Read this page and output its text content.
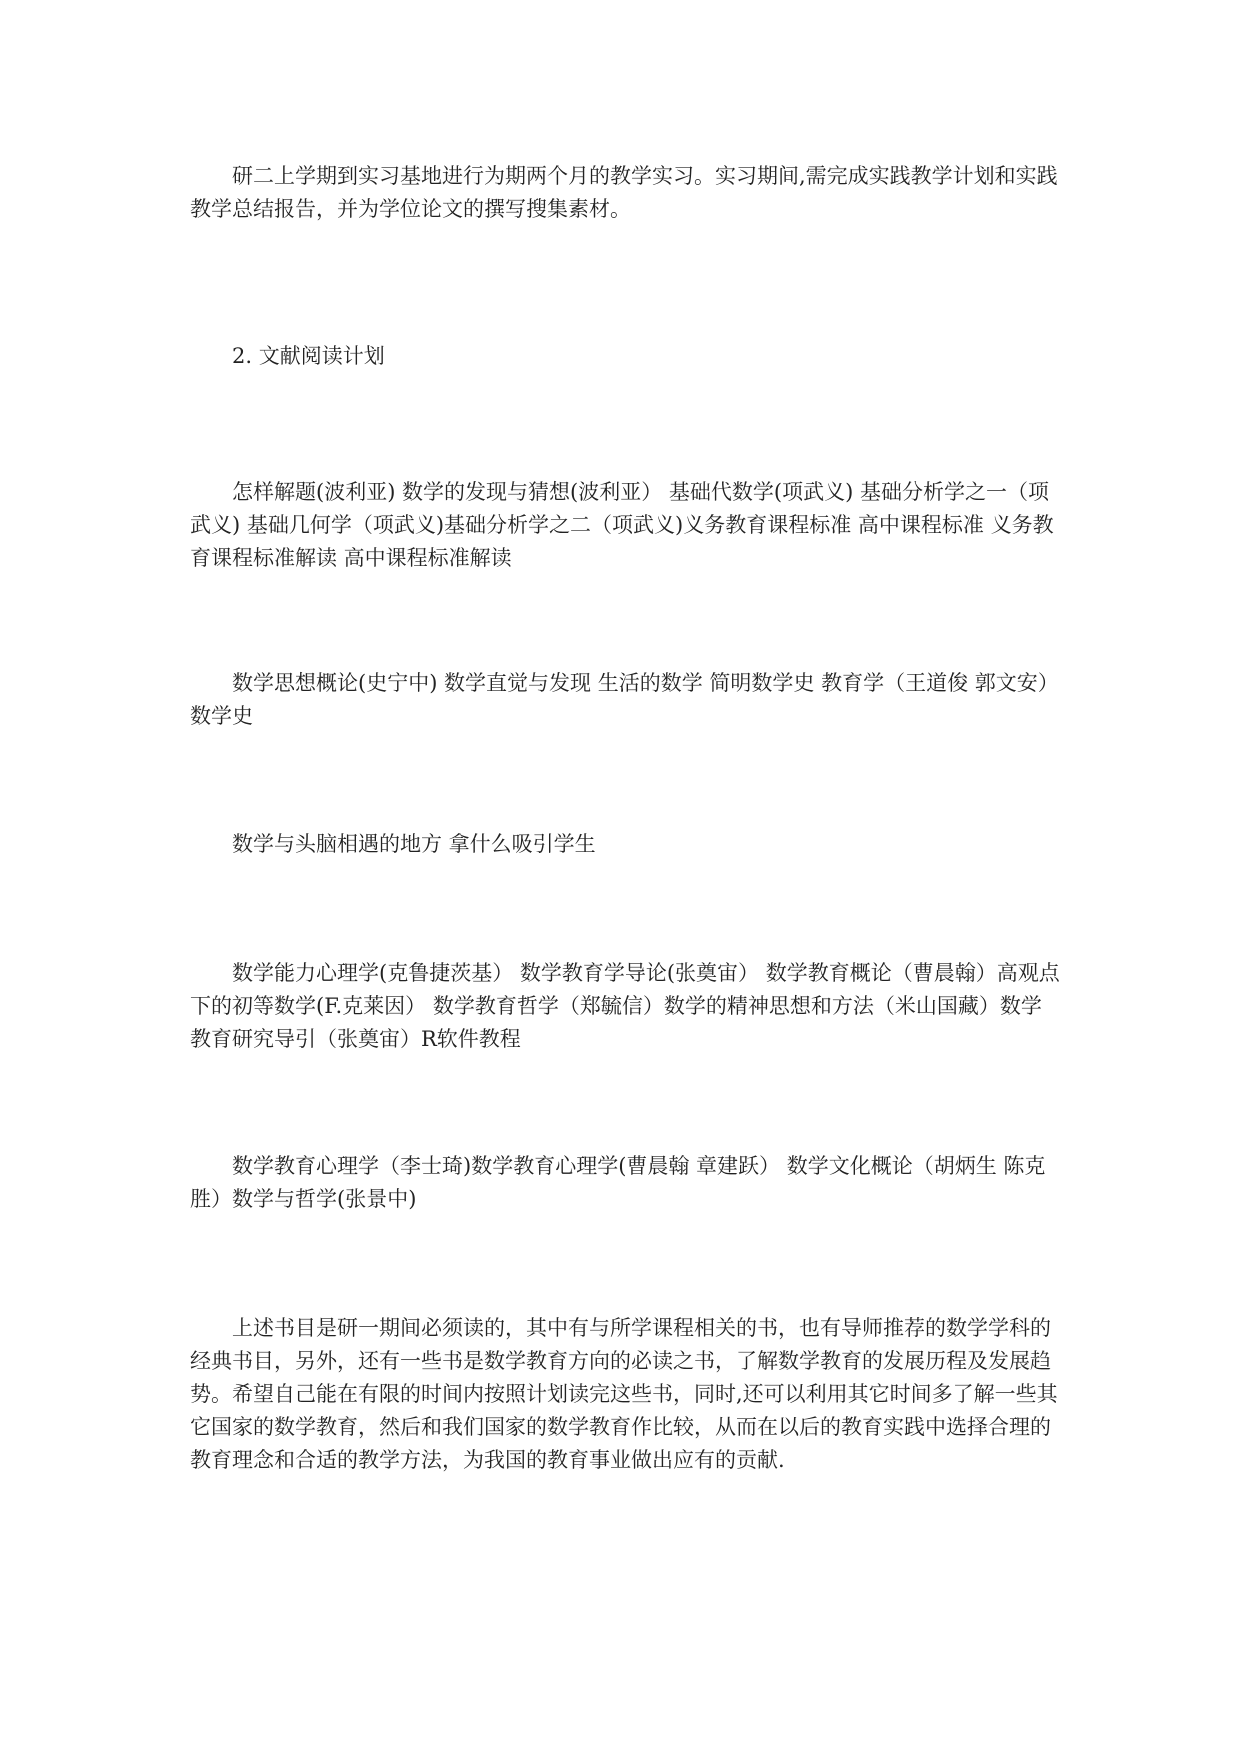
研二上学期到实习基地进行为期两个月的教学实习。实习期间,需完成实践教学计划和实践教学总结报告，并为学位论文的撰写搜集素材。

2. 文献阅读计划

怎样解题(波利亚) 数学的发现与猜想(波利亚） 基础代数学(项武义) 基础分析学之一（项武义) 基础几何学（项武义)基础分析学之二（项武义)义务教育课程标准 高中课程标准 义务教育课程标准解读 高中课程标准解读

数学思想概论(史宁中) 数学直觉与发现 生活的数学 简明数学史 教育学（王道俊 郭文安） 数学史

数学与头脑相遇的地方 拿什么吸引学生

数学能力心理学(克鲁捷茨基） 数学教育学导论(张奠宙） 数学教育概论（曹晨翰）高观点下的初等数学(F.克莱因） 数学教育哲学（郑毓信）数学的精神思想和方法（米山国藏）数学教育研究导引（张奠宙）R软件教程

数学教育心理学（李士琦)数学教育心理学(曹晨翰 章建跃） 数学文化概论（胡炳生 陈克胜）数学与哲学(张景中)

上述书目是研一期间必须读的，其中有与所学课程相关的书，也有导师推荐的数学学科的经典书目，另外，还有一些书是数学教育方向的必读之书，了解数学教育的发展历程及发展趋势。希望自己能在有限的时间内按照计划读完这些书，同时,还可以利用其它时间多了解一些其它国家的数学教育，然后和我们国家的数学教育作比较，从而在以后的教育实践中选择合理的教育理念和合适的教学方法，为我国的教育事业做出应有的贡献.
